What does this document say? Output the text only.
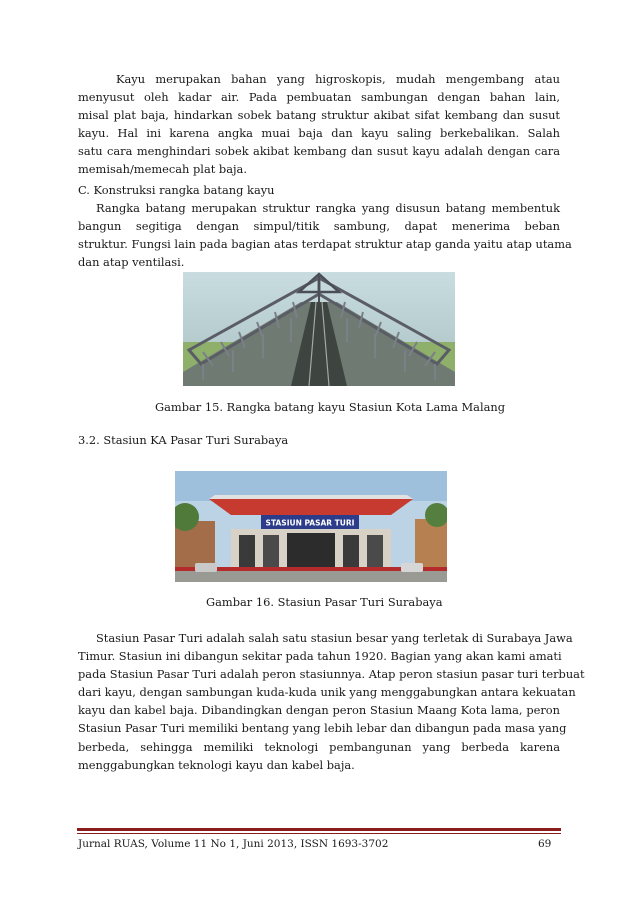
Kayu merupakan bahan yang higroskopis, mudah mengembang atau
menyusut oleh kadar air. Pada pembuatan sambungan dengan bahan lain,
misal plat baja, hindarkan sobek batang struktur akibat sifat kembang dan susut
kayu. Hal ini karena angka muai baja dan kayu saling berkebalikan. Salah
satu cara menghindari sobek akibat kembang dan susut kayu adalah dengan cara
memisah/memecah plat baja.
C. Konstruksi rangka batang kayu
Rangka batang merupakan struktur rangka yang disusun batang membentuk
bangun segitiga dengan simpul/titik sambung, dapat menerima beban
struktur. Fungsi lain pada bagian atas terdapat struktur atap ganda yaitu atap utama
dan atap ventilasi.
Gambar 15. Rangka batang kayu Stasiun Kota Lama Malang
3.2. Stasiun KA Pasar Turi Surabaya
STASIUN PASAR TURI
Gambar 16. Stasiun Pasar Turi Surabaya
Stasiun Pasar Turi adalah salah satu stasiun besar yang terletak di Surabaya Jawa
Timur. Stasiun ini dibangun sekitar pada tahun 1920. Bagian yang akan kami amati
pada Stasiun Pasar Turi adalah peron stasiunnya. Atap peron stasiun pasar turi terbuat
dari kayu, dengan sambungan kuda-kuda unik yang menggabungkan antara kekuatan
kayu dan kabel baja. Dibandingkan dengan peron Stasiun Maang Kota lama, peron
Stasiun Pasar Turi memiliki bentang yang lebih lebar dan dibangun pada masa yang
berbeda, sehingga memiliki teknologi pembangunan yang berbeda karena
menggabungkan teknologi kayu dan kabel baja.
Jurnal RUAS, Volume 11 No 1, Juni 2013, ISSN 1693-3702	69
